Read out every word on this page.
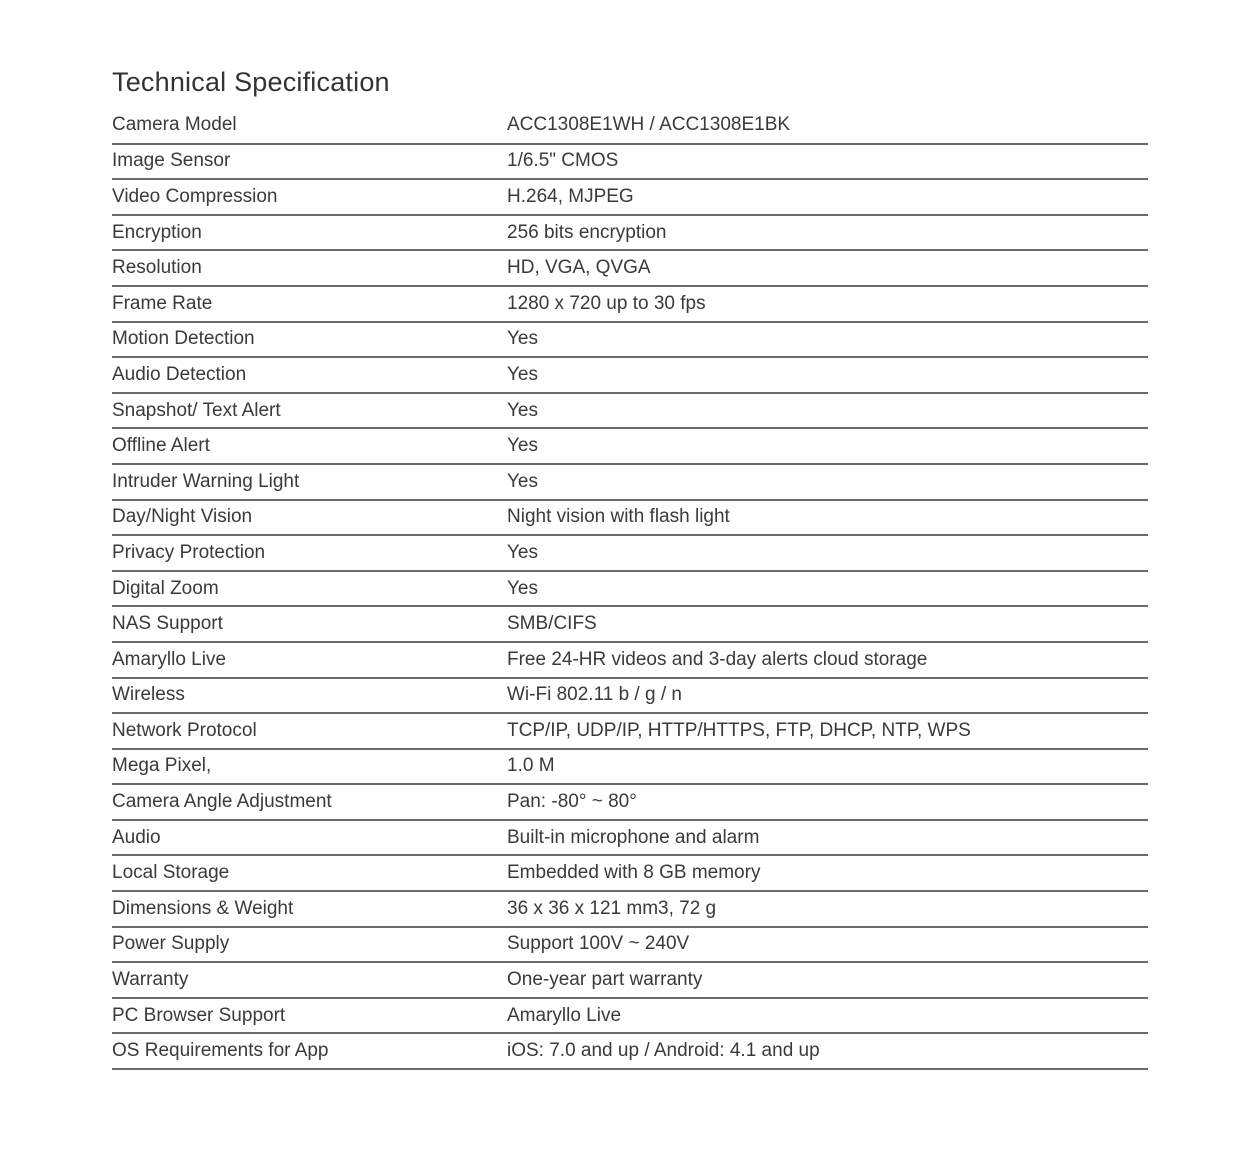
Technical Specification
Camera Model	ACC1308E1WH / ACC1308E1BK
Image Sensor	1/6.5" CMOS
Video Compression	H.264, MJPEG
Encryption	256 bits encryption
Resolution	HD, VGA, QVGA
Frame Rate	1280 x 720 up to 30 fps
Motion Detection	Yes
Audio Detection	Yes
Snapshot/ Text Alert	Yes
Offline Alert	Yes
Intruder Warning Light	Yes
Day/Night Vision	Night vision with flash light
Privacy Protection	Yes
Digital Zoom	Yes
NAS Support	SMB/CIFS
Amaryllo Live	Free 24-HR videos and 3-day alerts cloud storage
Wireless	Wi-Fi 802.11 b / g / n
Network Protocol	TCP/IP, UDP/IP, HTTP/HTTPS, FTP, DHCP, NTP, WPS
Mega Pixel,	1.0 M
Camera Angle Adjustment	Pan: -80° ~ 80°
Audio	Built-in microphone and alarm
Local Storage	Embedded with 8 GB memory
Dimensions & Weight	36 x 36 x 121 mm3, 72 g
Power Supply	Support 100V ~ 240V
Warranty	One-year part warranty
PC Browser Support	Amaryllo Live
OS Requirements for App	iOS: 7.0 and up / Android: 4.1 and up
